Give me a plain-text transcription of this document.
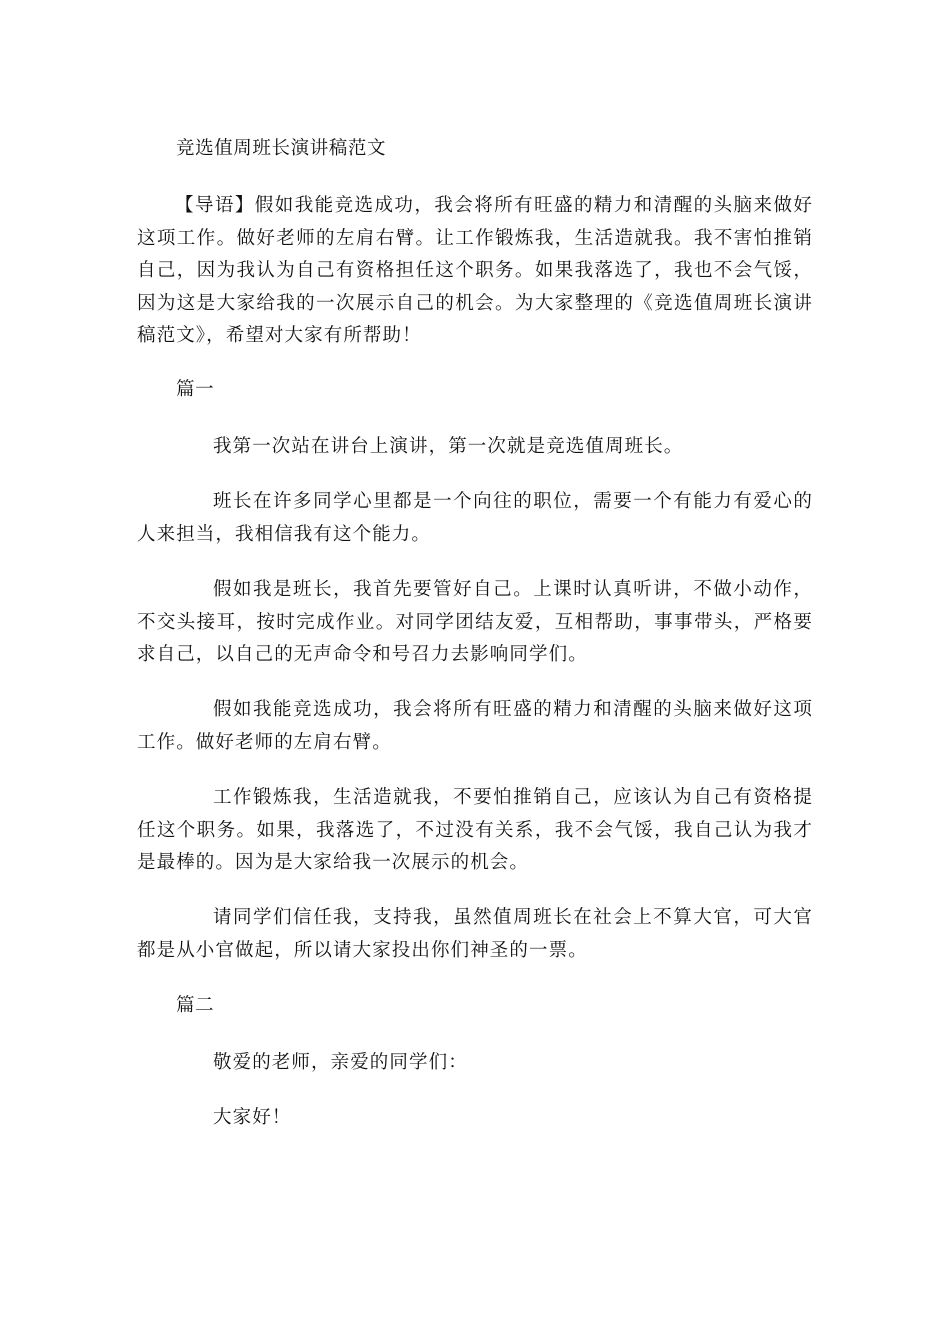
竞选值周班长演讲稿范文
【导语】假如我能竞选成功，我会将所有旺盛的精力和清醒的头脑来做好这项工作。做好老师的左肩右臂。让工作锻炼我，生活造就我。我不害怕推销自己，因为我认为自己有资格担任这个职务。如果我落选了，我也不会气馁，因为这是大家给我的一次展示自己的机会。为大家整理的《竞选值周班长演讲稿范文》，希望对大家有所帮助！
篇一
我第一次站在讲台上演讲，第一次就是竞选值周班长。
班长在许多同学心里都是一个向往的职位，需要一个有能力有爱心的人来担当，我相信我有这个能力。
假如我是班长，我首先要管好自己。上课时认真听讲，不做小动作，不交头接耳，按时完成作业。对同学团结友爱，互相帮助，事事带头，严格要求自己，以自己的无声命令和号召力去影响同学们。
假如我能竞选成功，我会将所有旺盛的精力和清醒的头脑来做好这项工作。做好老师的左肩右臂。
工作锻炼我，生活造就我，不要怕推销自己，应该认为自己有资格提任这个职务。如果，我落选了，不过没有关系，我不会气馁，我自己认为我才是最棒的。因为是大家给我一次展示的机会。
请同学们信任我，支持我，虽然值周班长在社会上不算大官，可大官都是从小官做起，所以请大家投出你们神圣的一票。
篇二
敬爱的老师，亲爱的同学们：
大家好！
